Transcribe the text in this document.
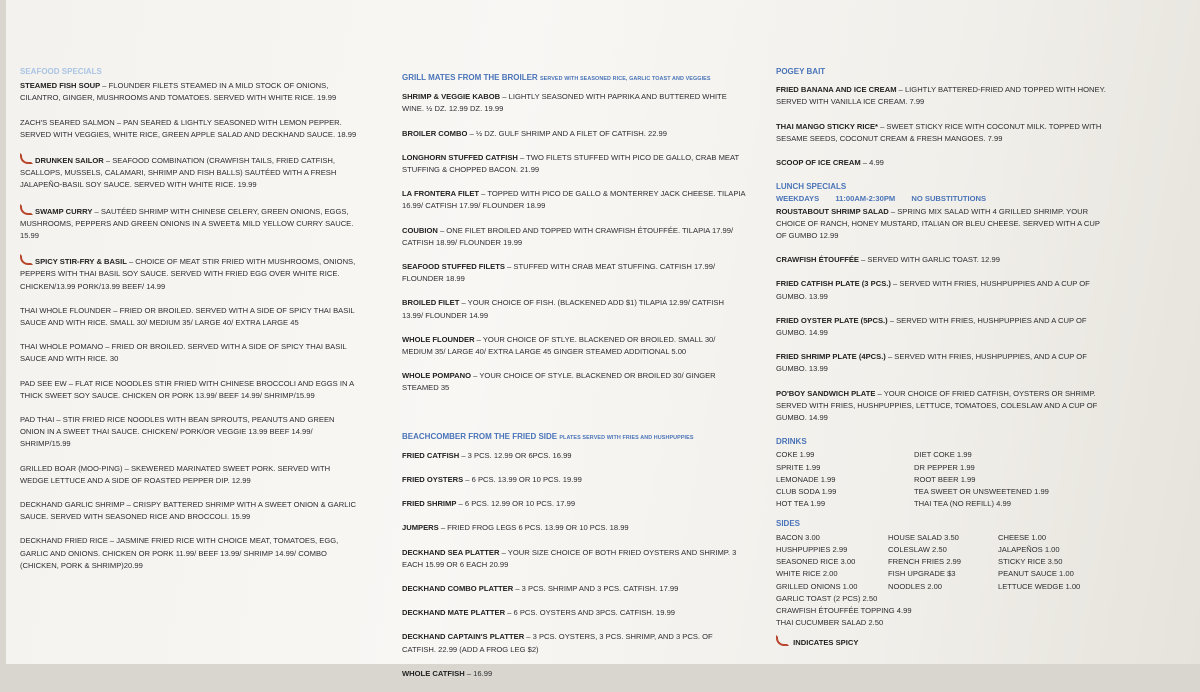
SEAFOOD SPECIALS
STEAMED FISH SOUP – FLOUNDER FILETS STEAMED IN A MILD STOCK OF ONIONS, CILANTRO, GINGER, MUSHROOMS AND TOMATOES. SERVED WITH WHITE RICE. 19.99
ZACH'S SEARED SALMON – PAN SEARED & LIGHTLY SEASONED WITH LEMON PEPPER. SERVED WITH VEGGIES, WHITE RICE, GREEN APPLE SALAD AND DECKHAND SAUCE. 18.99
DRUNKEN SAILOR – SEAFOOD COMBINATION (CRAWFISH TAILS, FRIED CATFISH, SCALLOPS, MUSSELS, CALAMARI, SHRIMP AND FISH BALLS) SAUTÉED WITH A FRESH JALAPEÑO-BASIL SOY SAUCE. SERVED WITH WHITE RICE. 19.99
SWAMP CURRY – SAUTÉED SHRIMP WITH CHINESE CELERY, GREEN ONIONS, EGGS, MUSHROOMS, PEPPERS AND GREEN ONIONS IN A SWEET& MILD YELLOW CURRY SAUCE. 15.99
SPICY STIR-FRY & BASIL – CHOICE OF MEAT STIR FRIED WITH MUSHROOMS, ONIONS, PEPPERS WITH THAI BASIL SOY SAUCE. SERVED WITH FRIED EGG OVER WHITE RICE. CHICKEN/13.99 PORK/13.99 BEEF/ 14.99
THAI WHOLE FLOUNDER – FRIED OR BROILED. SERVED WITH A SIDE OF SPICY THAI BASIL SAUCE AND WITH RICE. SMALL 30/ MEDIUM 35/ LARGE 40/ EXTRA LARGE 45
THAI WHOLE POMANO – FRIED OR BROILED. SERVED WITH A SIDE OF SPICY THAI BASIL SAUCE AND WITH RICE. 30
PAD SEE EW – FLAT RICE NOODLES STIR FRIED WITH CHINESE BROCCOLI AND EGGS IN A THICK SWEET SOY SAUCE. CHICKEN OR PORK 13.99/ BEEF 14.99/ SHRIMP/15.99
PAD THAI – STIR FRIED RICE NOODLES WITH BEAN SPROUTS, PEANUTS AND GREEN ONION IN A SWEET THAI SAUCE. CHICKEN/ PORK/OR VEGGIE 13.99 BEEF 14.99/ SHRIMP/15.99
GRILLED BOAR (MOO-PING) – SKEWERED MARINATED SWEET PORK. SERVED WITH WEDGE LETTUCE AND A SIDE OF ROASTED PEPPER DIP. 12.99
DECKHAND GARLIC SHRIMP – CRISPY BATTERED SHRIMP WITH A SWEET ONION & GARLIC SAUCE. SERVED WITH SEASONED RICE AND BROCCOLI. 15.99
DECKHAND FRIED RICE – JASMINE FRIED RICE WITH CHOICE MEAT, TOMATOES, EGG, GARLIC AND ONIONS. CHICKEN OR PORK 11.99/ BEEF 13.99/ SHRIMP 14.99/ COMBO (CHICKEN, PORK & SHRIMP)20.99
GRILL MATES FROM THE BROILER SERVED WITH SEASONED RICE, GARLIC TOAST AND VEGGIES
SHRIMP & VEGGIE KABOB – LIGHTLY SEASONED WITH PAPRIKA AND BUTTERED WHITE WINE. ½ DZ. 12.99 DZ. 19.99
BROILER COMBO – ½ DZ. GULF SHRIMP AND A FILET OF CATFISH. 22.99
LONGHORN STUFFED CATFISH – TWO FILETS STUFFED WITH PICO DE GALLO, CRAB MEAT STUFFING & CHOPPED BACON. 21.99
LA FRONTERA FILET – TOPPED WITH PICO DE GALLO & MONTERREY JACK CHEESE. TILAPIA 16.99/ CATFISH 17.99/ FLOUNDER 18.99
COUBION – ONE FILET BROILED AND TOPPED WITH CRAWFISH ÉTOUFFÉE. TILAPIA 17.99/ CATFISH 18.99/ FLOUNDER 19.99
SEAFOOD STUFFED FILETS – STUFFED WITH CRAB MEAT STUFFING. CATFISH 17.99/ FLOUNDER 18.99
BROILED FILET – YOUR CHOICE OF FISH. (BLACKENED ADD $1) TILAPIA 12.99/ CATFISH 13.99/ FLOUNDER 14.99
WHOLE FLOUNDER – YOUR CHOICE OF STLYE. BLACKENED OR BROILED. SMALL 30/ MEDIUM 35/ LARGE 40/ EXTRA LARGE 45 GINGER STEAMED ADDITIONAL 5.00
WHOLE POMPANO – YOUR CHOICE OF STYLE. BLACKENED OR BROILED 30/ GINGER STEAMED 35
BEACHCOMBER FROM THE FRIED SIDE PLATES SERVED WITH FRIES AND HUSHPUPPIES
FRIED CATFISH – 3 PCS. 12.99 OR 6PCS. 16.99
FRIED OYSTERS – 6 PCS. 13.99 OR 10 PCS. 19.99
FRIED SHRIMP – 6 PCS. 12.99 OR 10 PCS. 17.99
JUMPERS – FRIED FROG LEGS 6 PCS. 13.99 OR 10 PCS. 18.99
DECKHAND SEA PLATTER – YOUR SIZE CHOICE OF BOTH FRIED OYSTERS AND SHRIMP. 3 EACH 15.99 OR 6 EACH 20.99
DECKHAND COMBO PLATTER – 3 PCS. SHRIMP AND 3 PCS. CATFISH. 17.99
DECKHAND MATE PLATTER – 6 PCS. OYSTERS AND 3PCS. CATFISH. 19.99
DECKHAND CAPTAIN'S PLATTER – 3 PCS. OYSTERS, 3 PCS. SHRIMP, AND 3 PCS. OF CATFISH. 22.99 (ADD A FROG LEG $2)
WHOLE CATFISH – 16.99
POGEY BAIT
FRIED BANANA AND ICE CREAM – LIGHTLY BATTERED-FRIED AND TOPPED WITH HONEY. SERVED WITH VANILLA ICE CREAM. 7.99
THAI MANGO STICKY RICE* – SWEET STICKY RICE WITH COCONUT MILK. TOPPED WITH SESAME SEEDS, COCONUT CREAM & FRESH MANGOES. 7.99
SCOOP OF ICE CREAM – 4.99
LUNCH SPECIALS
WEEKDAYS 11:00AM-2:30PM NO SUBSTITUTIONS
ROUSTABOUT SHRIMP SALAD – SPRING MIX SALAD WITH 4 GRILLED SHRIMP. YOUR CHOICE OF RANCH, HONEY MUSTARD, ITALIAN OR BLEU CHEESE. SERVED WITH A CUP OF GUMBO 12.99
CRAWFISH ÉTOUFFÉE – SERVED WITH GARLIC TOAST. 12.99
FRIED CATFISH PLATE (3 PCS.) – SERVED WITH FRIES, HUSHPUPPIES AND A CUP OF GUMBO. 13.99
FRIED OYSTER PLATE (5PCS.) – SERVED WITH FRIES, HUSHPUPPIES AND A CUP OF GUMBO. 14.99
FRIED SHRIMP PLATE (4PCS.) – SERVED WITH FRIES, HUSHPUPPIES, AND A CUP OF GUMBO. 13.99
PO'BOY SANDWICH PLATE – YOUR CHOICE OF FRIED CATFISH, OYSTERS OR SHRIMP. SERVED WITH FRIES, HUSHPUPPIES, LETTUCE, TOMATOES, COLESLAW AND A CUP OF GUMBO. 14.99
DRINKS
COKE 1.99	DIET COKE 1.99
SPRITE 1.99	DR PEPPER 1.99
LEMONADE 1.99	ROOT BEER 1.99
CLUB SODA 1.99	TEA SWEET OR UNSWEETENED 1.99
HOT TEA 1.99	THAI TEA (NO REFILL) 4.99
SIDES
BACON 3.00	HOUSE SALAD 3.50	CHEESE 1.00
HUSHPUPPIES 2.99	COLESLAW 2.50	JALAPEÑOS 1.00
SEASONED RICE 3.00	FRENCH FRIES 2.99	STICKY RICE 3.50
WHITE RICE 2.00	FISH UPGRADE $3	PEANUT SAUCE 1.00
GRILLED ONIONS 1.00	NOODLES 2.00	LETTUCE WEDGE 1.00
GARLIC TOAST (2 PCS) 2.50
CRAWFISH ÉTOUFFÉE TOPPING 4.99
THAI CUCUMBER SALAD 2.50
INDICATES SPICY
